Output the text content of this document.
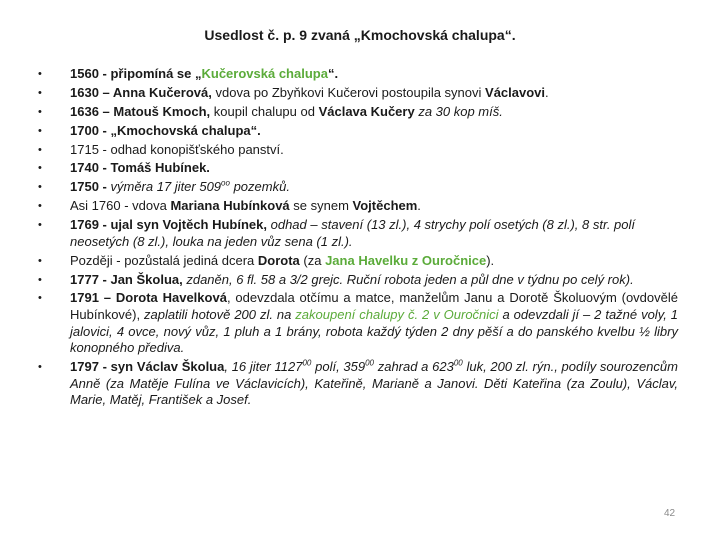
Usedlost č. p. 9 zvaná „Kmochovská chalupa“.
• 1560 - připomíná se „Kučerovská chalupa“.
• 1630 – Anna Kučerová, vdova po Zbyňkovi Kučerovi postoupila synovi Václavovi.
• 1636 – Matouš Kmoch, koupil chalupu od Václava Kučery za 30 kop míš.
• 1700 - „Kmochovská chalupa“.
• 1715 - odhad konopišťského panství.
• 1740 - Tomáš Hubínek.
• 1750 - výměra 17 jiter $509^{oo}$ pozemků.
• Asi 1760 - vdova Mariana Hubínková se synem Vojtěchem.
• 1769 - ujal syn Vojtěch Hubínek, odhad – stavení (13 zl.), 4 strychy polí osetých (8 zl.), 8 str. polí neosetých (8 zl.), louka na jeden vůz sena (1 zl.).
• Později - pozůstalá jediná dcera Dorota (za Jana Havelku z Ouročnice).
• 1777 - Jan Školua, zdaněn, 6 fl. 58 a 3/2 grejc. Ruční robota jeden a půl dne v týdnu po celý rok).
• 1791 – Dorota Havelková, odevzdala otčímu a matce, manželům Janu a Dorotě Školuovým (ovdovělé Hubínkové), zaplatili hotově 200 zl. na zakoupení chalupy č. 2 v Ouročnici a odevzdali jí – 2 tažné voly, 1 jalovici, 4 ovce, nový vůz, 1 pluh a 1 brány, robota každý týden 2 dny pěší a do panského kvelbu ½ libry konopného přediva.
• 1797 - syn Václav Školua, 16 jiter 1127$^{00}$ polí, $359^{00}$ zahrad a $623^{00}$ luk, 200 zl. rýn., podíly sourozencům Anně (za Matěje Fulína ve Václavicích), Kateřině, Marianě a Janovi. Děti Kateřina (za Zoulu), Václav, Marie, Matěj, František a Josef.
42
